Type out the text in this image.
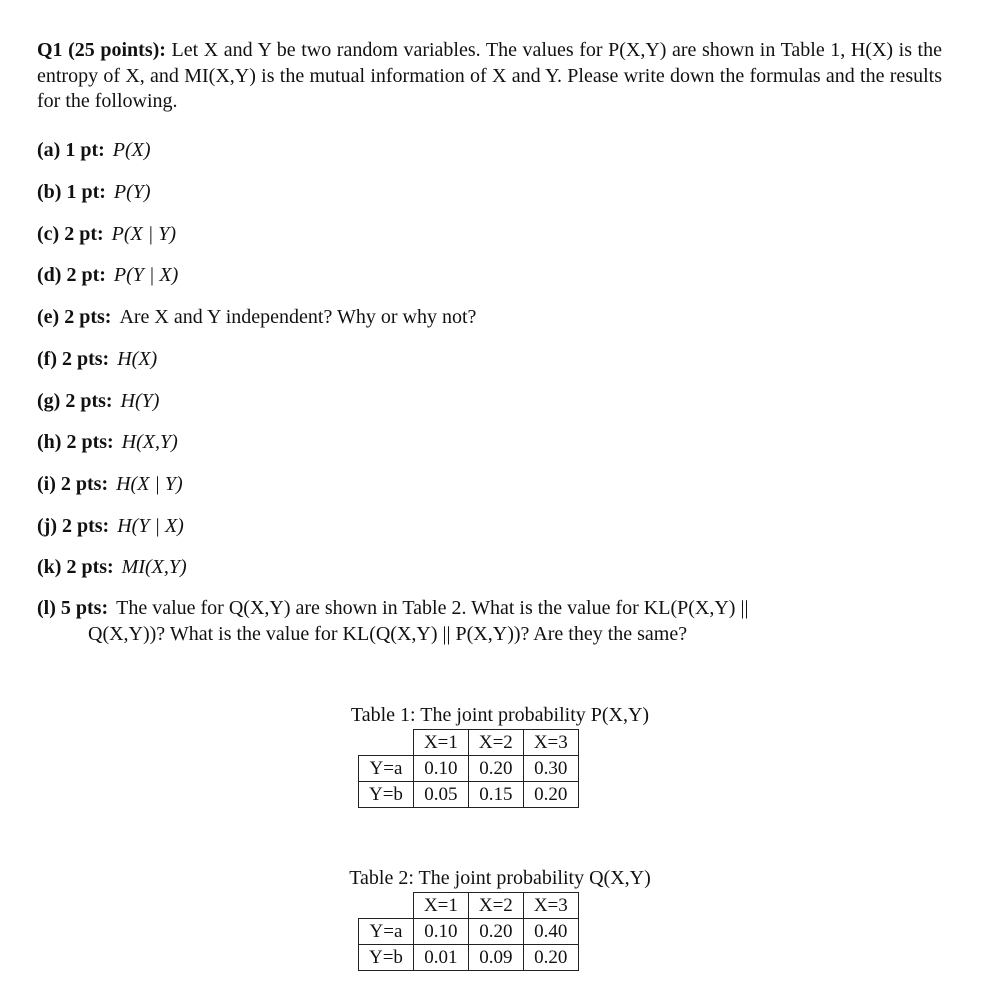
Q1 (25 points): Let X and Y be two random variables. The values for P(X,Y) are shown in Table 1, H(X) is the entropy of X, and MI(X,Y) is the mutual information of X and Y. Please write down the formulas and the results for the following.
(a) 1 pt: P(X)
(b) 1 pt: P(Y)
(c) 2 pt: P(X | Y)
(d) 2 pt: P(Y | X)
(e) 2 pts: Are X and Y independent? Why or why not?
(f) 2 pts: H(X)
(g) 2 pts: H(Y)
(h) 2 pts: H(X,Y)
(i) 2 pts: H(X | Y)
(j) 2 pts: H(Y | X)
(k) 2 pts: MI(X,Y)
(l) 5 pts: The value for Q(X,Y) are shown in Table 2. What is the value for KL(P(X,Y) ||
Q(X,Y))? What is the value for KL(Q(X,Y) || P(X,Y))? Are they the same?
Table 1: The joint probability P(X,Y)
	X=1	X=2	X=3
Y=a	0.10	0.20	0.30
Y=b	0.05	0.15	0.20
Table 2: The joint probability Q(X,Y)
	X=1	X=2	X=3
Y=a	0.10	0.20	0.40
Y=b	0.01	0.09	0.20
